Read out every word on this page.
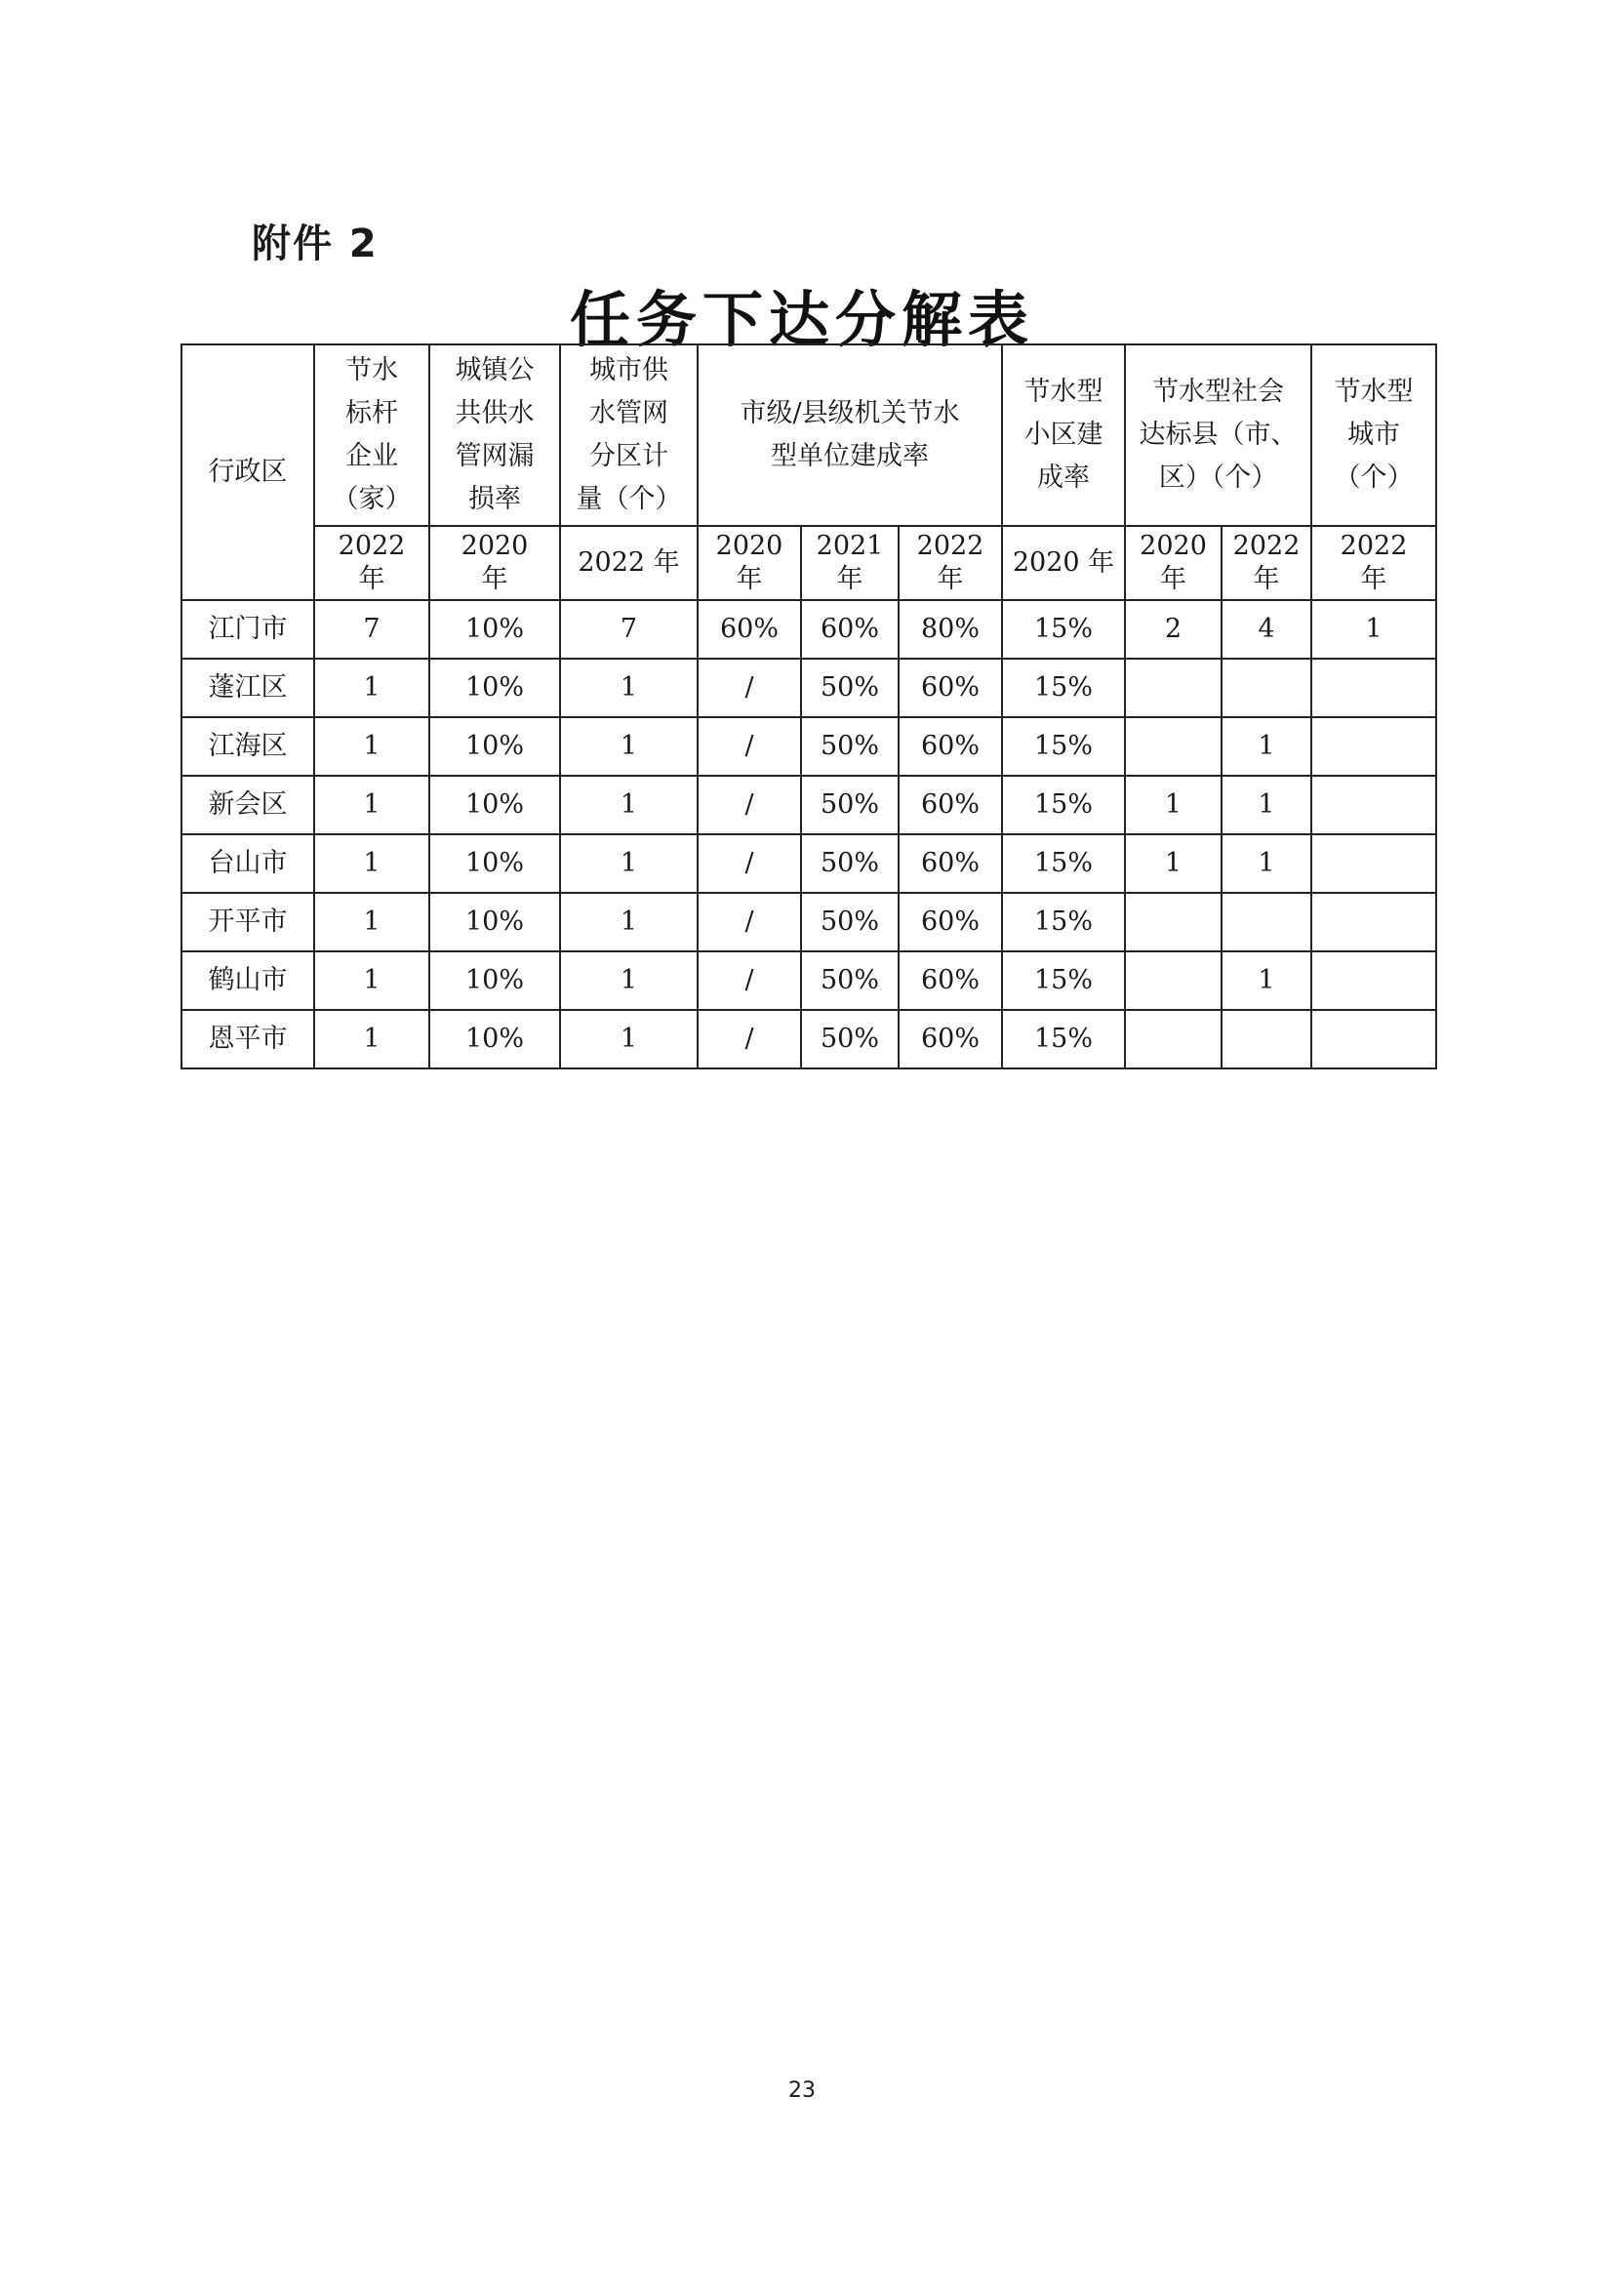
附件 2
任务下达分解表
行政区	节水
标杆
企业
（家）	城镇公
共供水
管网漏
损率	城市供
水管网
分区计
量（个）	市级/县级机关节水
型单位建成率			节水型
小区建
成率	节水型社会
达标县（市、
区）（个）		节水型
城市
（个）
	2022
年	2020
年	2022 年	2020
年	2021
年	2022
年	2020 年	2020
年	2022
年	2022
年
江门市	7	10%	7	60%	60%	80%	15%	2	4	1
蓬江区	1	10%	1	/	50%	60%	15%			
江海区	1	10%	1	/	50%	60%	15%		1	
新会区	1	10%	1	/	50%	60%	15%	1	1	
台山市	1	10%	1	/	50%	60%	15%	1	1	
开平市	1	10%	1	/	50%	60%	15%			
鹤山市	1	10%	1	/	50%	60%	15%		1	
恩平市	1	10%	1	/	50%	60%	15%			
23
